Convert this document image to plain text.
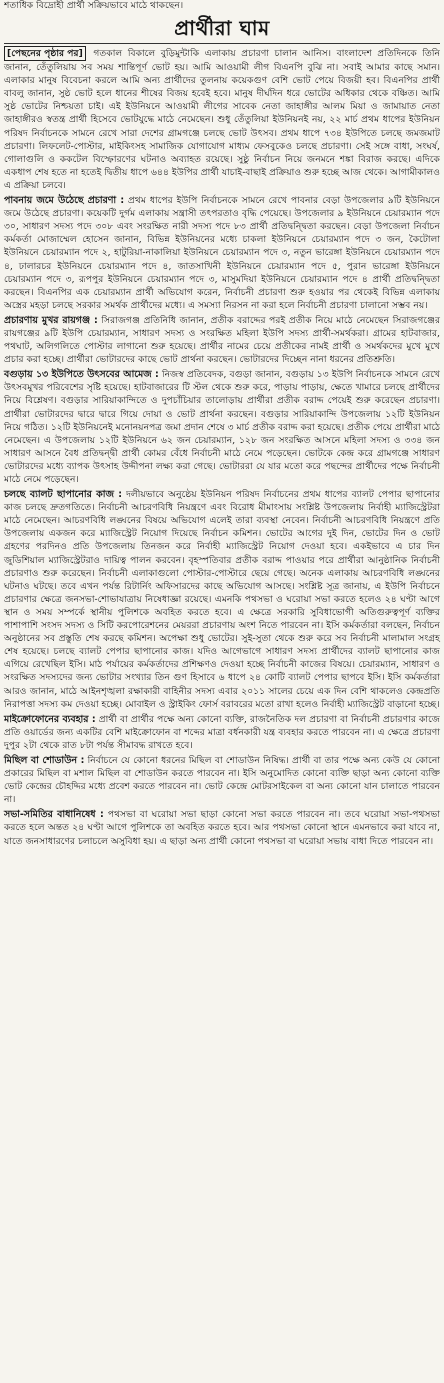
শতাধিক বিদ্রোহী প্রার্থী সক্রিয়ভাবে মাঠে থাকছেন।
প্রার্থীরা ঘাম

[পেছনের পৃষ্ঠার পর] গতকাল বিকালে বুড়িমুন্টাকি এলাকায় প্রচারণা চালান আনিস। বাংলাদেশ প্রতিদিনকে তিনি জানান, তেঁতুলিয়ায় সব সময় শান্তিপূর্ণ ভোট হয়। আমি আওয়ামী লীগ বিএনপি বুঝি না। সবাই আমার কাছে সমান। এলাকার মানুষ বিবেচনা করলে আমি অন্য প্রার্থীদের তুলনায় কয়েকগুণ বেশি ভোট পেয়ে বিজয়ী হব। বিএনপির প্রার্থী বাবলু জানান, সুষ্ঠ ভোট হলে ধানের শীষের বিজয় হবেই হবে। মানুষ দীর্ঘদিন ধরে ভোটের অধিকার থেকে বঞ্চিত। আমি সুষ্ঠ ভোটের নিশ্চয়তা চাই। এই ইউনিয়নে আওয়ামী লীগের সাবেক নেতা জাহাঙ্গীর আলম মিয়া ও জামায়াত নেতা জাহাঙ্গীরও স্বতন্ত্র প্রার্থী হিসেবে ভোটযুদ্ধে মাঠে নেমেছেন। শুধু তেঁতুলিয়া ইউনিয়নই নয়, ২২ মার্চ প্রথম ধাপের ইউনিয়ন পরিষদ নির্বাচনকে সামনে রেখে সারা দেশের গ্রামগঞ্জে চলছে ভোট উৎসব। প্রথম ধাপে ৭৩৪ ইউপিতে চলছে জমজমাট প্রচারণা। লিফলেট-পোস্টার, মাইকিংসহ সামাজিক যোগাযোগ মাধ্যম ফেসবুকেও চলছে প্রচারণা। সেই সঙ্গে বাধা, সংঘর্ষ, গোলাগুলি ও ককটেল বিস্ফোরণের ঘটনাও অব্যাহত রয়েছে। সুষ্ঠু নির্বাচন নিয়ে জনমনে শঙ্কা বিরাজ করছে। এদিকে একধাপ শেষ হতে না হতেই দ্বিতীয় ধাপে ৬৪৪ ইউপির প্রার্থী যাচাই-বাছাই প্রক্রিয়াও শুরু হচ্ছে আজ থেকে। আগামীকালও এ প্রক্রিয়া চলবে।

পাবনায় জমে উঠেছে প্রচারণা : প্রথম ধাপের ইউপি নির্বাচনকে সামনে রেখে পাবনার বেড়া উপজেলার ৯টি ইউনিয়নে জমে উঠেছে প্রচারণা। কয়েকটি দুর্গম এলাকায় সন্ত্রাসী তৎপরতাও বৃদ্ধি পেয়েছে। উপজেলার ৯ ইউনিয়নে চেয়ারম্যান পদে ৩০, সাধারণ সদস্য পদে ৩০৮ এবং সংরক্ষিত নারী সদস্য পদে ৮৩ প্রার্থী প্রতিদ্বন্দ্বিতা করছেন। বেড়া উপজেলা নির্বাচন কর্মকর্তা মোজাম্মেল হোসেন জানান, বিভিন্ন ইউনিয়নের মধ্যে চাকলা ইউনিয়নে চেয়ারম্যান পদে ৩ জন, কৈটোলা ইউনিয়নে চেয়ারম্যান পদে ২, হাটুরিয়া-নাকালিয়া ইউনিয়নে চেয়ারম্যান পদে ৩, নতুন ভারেঙ্গা ইউনিয়নে চেয়ারম্যান পদে ৪, ঢালারচর ইউনিয়নে চেয়ারম্যান পদে ৪, জাতসাখিনী ইউনিয়নে চেয়ারম্যান পদে ৫, পুরান ভারেঙ্গা ইউনিয়নে চেয়ারম্যান পদে ৩, রূপপুর ইউনিয়নে চেয়ারম্যান পদে ৩, মাসুমদিয়া ইউনিয়নে চেয়ারম্যান পদে ৪ প্রার্থী প্রতিদ্বন্দ্বিতা করছেন। বিএনপির এক চেয়ারম্যান প্রার্থী অভিযোগ করেন, নির্বাচনী প্রচারণা শুরু হওয়ার পর থেকেই বিভিন্ন এলাকায় অস্ত্রের মহড়া চলছে সরকার সমর্থক প্রার্থীদের মধ্যে। এ সমস্যা নিরসন না করা হলে নির্বাচনী প্রচারণা চালানো সম্ভব নয়।

প্রচারণায় মুখর রায়গঞ্জ : সিরাজগঞ্জ প্রতিনিধি জানান, প্রতীক বরাদ্দের পরই প্রতীক নিয়ে মাঠে নেমেছেন সিরাজগঞ্জের রায়গঞ্জের ৯টি ইউপি চেয়ারম্যান, সাধারণ সদস্য ও সংরক্ষিত মহিলা ইউপি সদস্য প্রার্থী-সমর্থকরা। গ্রামের হাটবাজার, পথঘাট, অলিগলিতে পোস্টার লাগানো শুরু হয়েছে। প্রার্থীর নামের চেয়ে প্রতীকের নামই প্রার্থী ও সমর্থকদের মুখে মুখে প্রচার করা হচ্ছে। প্রার্থীরা ভোটারদের কাছে ভোট প্রার্থনা করছেন। ভোটারদের দিচ্ছেন নানা ধরনের প্রতিশ্রুতি।

বগুড়ায় ১৩ ইউপিতে উৎসবের আমেজ : নিজস্ব প্রতিবেদক, বগুড়া জানান, বগুড়ায় ১৩ ইউপি নির্বাচনকে সামনে রেখে উৎসবমুখর পরিবেশের সৃষ্টি হয়েছে। হাটবাজারের টি স্টল থেকে শুরু করে, পাড়ায় পাড়ায়, ক্ষেতে খামারে চলছে প্রার্থীদের নিয়ে বিশ্লেষণ। বগুড়ার সারিয়াকান্দিতে ও দুপচাঁচিয়ার তালোড়ায় প্রার্থীরা প্রতীক বরাদ্দ পেয়েই শুরু করেছেন প্রচারণা। প্রার্থীরা ভোটারদের দ্বারে দ্বারে গিয়ে দোয়া ও ভোট প্রার্থনা করছেন। বগুড়ার সারিয়াকান্দি উপজেলায় ১২টি ইউনিয়ন নিয়ে গঠিত। ১২টি ইউনিয়নেই মনোনয়নপত্র জমা প্রদান শেষে ৩ মার্চ প্রতীক বরাদ্দ করা হয়েছে। প্রতীক পেয়ে প্রার্থীরা মাঠে নেমেছেন। এ উপজেলায় ১২টি ইউনিয়নে ৬২ জন চেয়ারম্যান, ১২৮ জন সংরক্ষিত আসনে মহিলা সদস্য ও ৩৩৪ জন সাধারণ আসনে বৈধ প্রতিদ্বন্দ্বী প্রার্থী কোমর বেঁধে নির্বাচনী মাঠে নেমে পড়েছেন। ভোটকে কেন্দ্র করে গ্রামগঞ্জে সাধারণ ভোটারদের মধ্যে ব্যাপক উৎসাহ উদ্দীপনা লক্ষ্য করা গেছে। ভোটাররা যে যার মতো করে পছন্দের প্রার্থীদের পক্ষে নির্বাচনী মাঠে নেমে পড়েছেন।

চলছে ব্যালট ছাপানোর কাজ : দলীয়ভাবে অনুষ্ঠেয় ইউনিয়ন পরিষদ নির্বাচনের প্রথম ধাপের ব্যালট পেপার ছাপানোর কাজ চলছে দ্রুতগতিতে। নির্বাচনী আচরণবিধি নিয়ন্ত্রণে এবং বিরোধ মীমাংসায় সংশ্লিষ্ট উপজেলায় নির্বাহী ম্যাজিস্ট্রেটরা মাঠে নেমেছেন। আচরণবিধি লঙ্ঘনের বিষয়ে অভিযোগ এলেই তারা ব্যবস্থা নেবেন। নির্বাচনী আচরণবিধি নিয়ন্ত্রণে প্রতি উপজেলায় একজন করে ম্যাজিস্ট্রেট নিয়োগ দিয়েছে নির্বাচন কমিশন। ভোটের আগের দুই দিন, ভোটের দিন ও ভোট গ্রহণের পরদিনও প্রতি উপজেলায় তিনজন করে নির্বাহী ম্যাজিস্ট্রেট নিয়োগ দেওয়া হবে। একইভাবে এ চার দিন জুডিশিয়াল ম্যাজিস্ট্রেটরাও দায়িত্ব পালন করবেন। বৃহস্পতিবার প্রতীক বরাদ্দ পাওয়ার পরে প্রার্থীরা আনুষ্ঠানিক নির্বাচনী প্রচারণাও শুরু করেছেন। নির্বাচনী এলাকাগুলো পোস্টার-পোস্টারে ছেয়ে গেছে। অনেক এলাকায় আচরণবিধি লঙ্ঘনের ঘটনাও ঘটছে। তবে এখন পর্যন্ত রিটার্নিং অফিসারদের কাছে অভিযোগ আসছে। সংশ্লিষ্ট সূত্র জানায়, এ ইউপি নির্বাচনে প্রচারণার ক্ষেত্রে জনসভা-শোভাযাত্রায় নিষেধাজ্ঞা রয়েছে। এমনকি পথসভা ও ঘরোয়া সভা করতে হলেও ২৪ ঘণ্টা আগে স্থান ও সময় সম্পর্কে স্থানীয় পুলিশকে অবহিত করতে হবে। এ ক্ষেত্রে সরকারি সুবিধাভোগী অতিগুরুত্বপূর্ণ ব্যক্তির পাশাপাশি সংসদ সদস্য ও সিটি করপোরেশনের মেয়ররা প্রচারণায় অংশ নিতে পারবেন না। ইসি কর্মকর্তারা বলছেন, নির্বাচন অনুষ্ঠানের সব প্রস্তুতি শেষ করছে কমিশন। অপেক্ষা শুধু ভোটের। সুই-সুতা থেকে শুরু করে সব নির্বাচনী মালামাল সংগ্রহ শেষ হয়েছে। চলছে ব্যালট পেপার ছাপানোর কাজ। যদিও আগেভাগে সাধারণ সদস্য প্রার্থীদের ব্যালট ছাপানোর কাজ এগিয়ে রেখেছিল ইসি। মাঠ পর্যায়ের কর্মকর্তাদের প্রশিক্ষণও দেওয়া হচ্ছে নির্বাচনী কাজের বিষয়ে। চেয়ারম্যান, সাধারণ ও সংরক্ষিত সদস্যদের জন্য ভোটার সংখ্যার তিন গুণ হিসাবে ৬ ধাপে ২৪ কোটি ব্যালট পেপার ছাপবে ইসি। ইসি কর্মকর্তারা আরও জানান, মাঠে আইনশৃঙ্খলা রক্ষাকারী বাহিনীর সদস্য এবার ২০১১ সালের চেয়ে এক দিন বেশি থাকলেও কেন্দ্রপ্রতি নিরাপত্তা সদস্য কম দেওয়া হচ্ছে। মোবাইল ও স্ট্রাইকিং ফোর্স বরাবরের মতো রাখা হলেও নির্বাহী ম্যাজিস্ট্রেট বাড়ানো হচ্ছে।

মাইক্রোফোনের ব্যবহার : প্রার্থী বা প্রার্থীর পক্ষে অন্য কোনো ব্যক্তি, রাজনৈতিক দল প্রচারণা বা নির্বাচনী প্রচারণার কাজে প্রতি ওয়ার্ডের জন্য একটির বেশি মাইক্রোফোন বা শব্দের মাত্রা বর্ধনকারী যন্ত্র ব্যবহার করতে পারবেন না। এ ক্ষেত্রে প্রচারণা দুপুর ২টা থেকে রাত ৮টা পর্যন্ত সীমাবদ্ধ রাখতে হবে।

মিছিল বা শোডাউন : নির্বাচনে যে কোনো ধরনের মিছিল বা শোডাউন নিষিদ্ধ। প্রার্থী বা তার পক্ষে অন্য কেউ যে কোনো প্রকারের মিছিল বা মশাল মিছিল বা শোডাউন করতে পারবেন না। ইসি অনুমোদিত কোনো ব্যক্তি ছাড়া অন্য কোনো ব্যক্তি ভোট কেন্দ্রের চৌহদ্দির মধ্যে প্রবেশ করতে পারবেন না। ভোট কেন্দ্রে মোটরসাইকেল বা অন্য কোনো যান চালাতে পারবেন না।

সভা-সমিতির বাধানিষেধ : পথসভা বা ঘরোয়া সভা ছাড়া কোনো সভা করতে পারবেন না। তবে ঘরোয়া সভা-পথসভা করতে হলে অন্তত ২৪ ঘণ্টা আগে পুলিশকে তা অবহিত করতে হবে। আর পথসভা কোনো স্থানে এমনভাবে করা যাবে না, যাতে জনসাধারণের চলাচলে অসুবিধা হয়। এ ছাড়া অন্য প্রার্থী কোনো পথসভা বা ঘরোয়া সভায় বাধা দিতে পারবেন না।
